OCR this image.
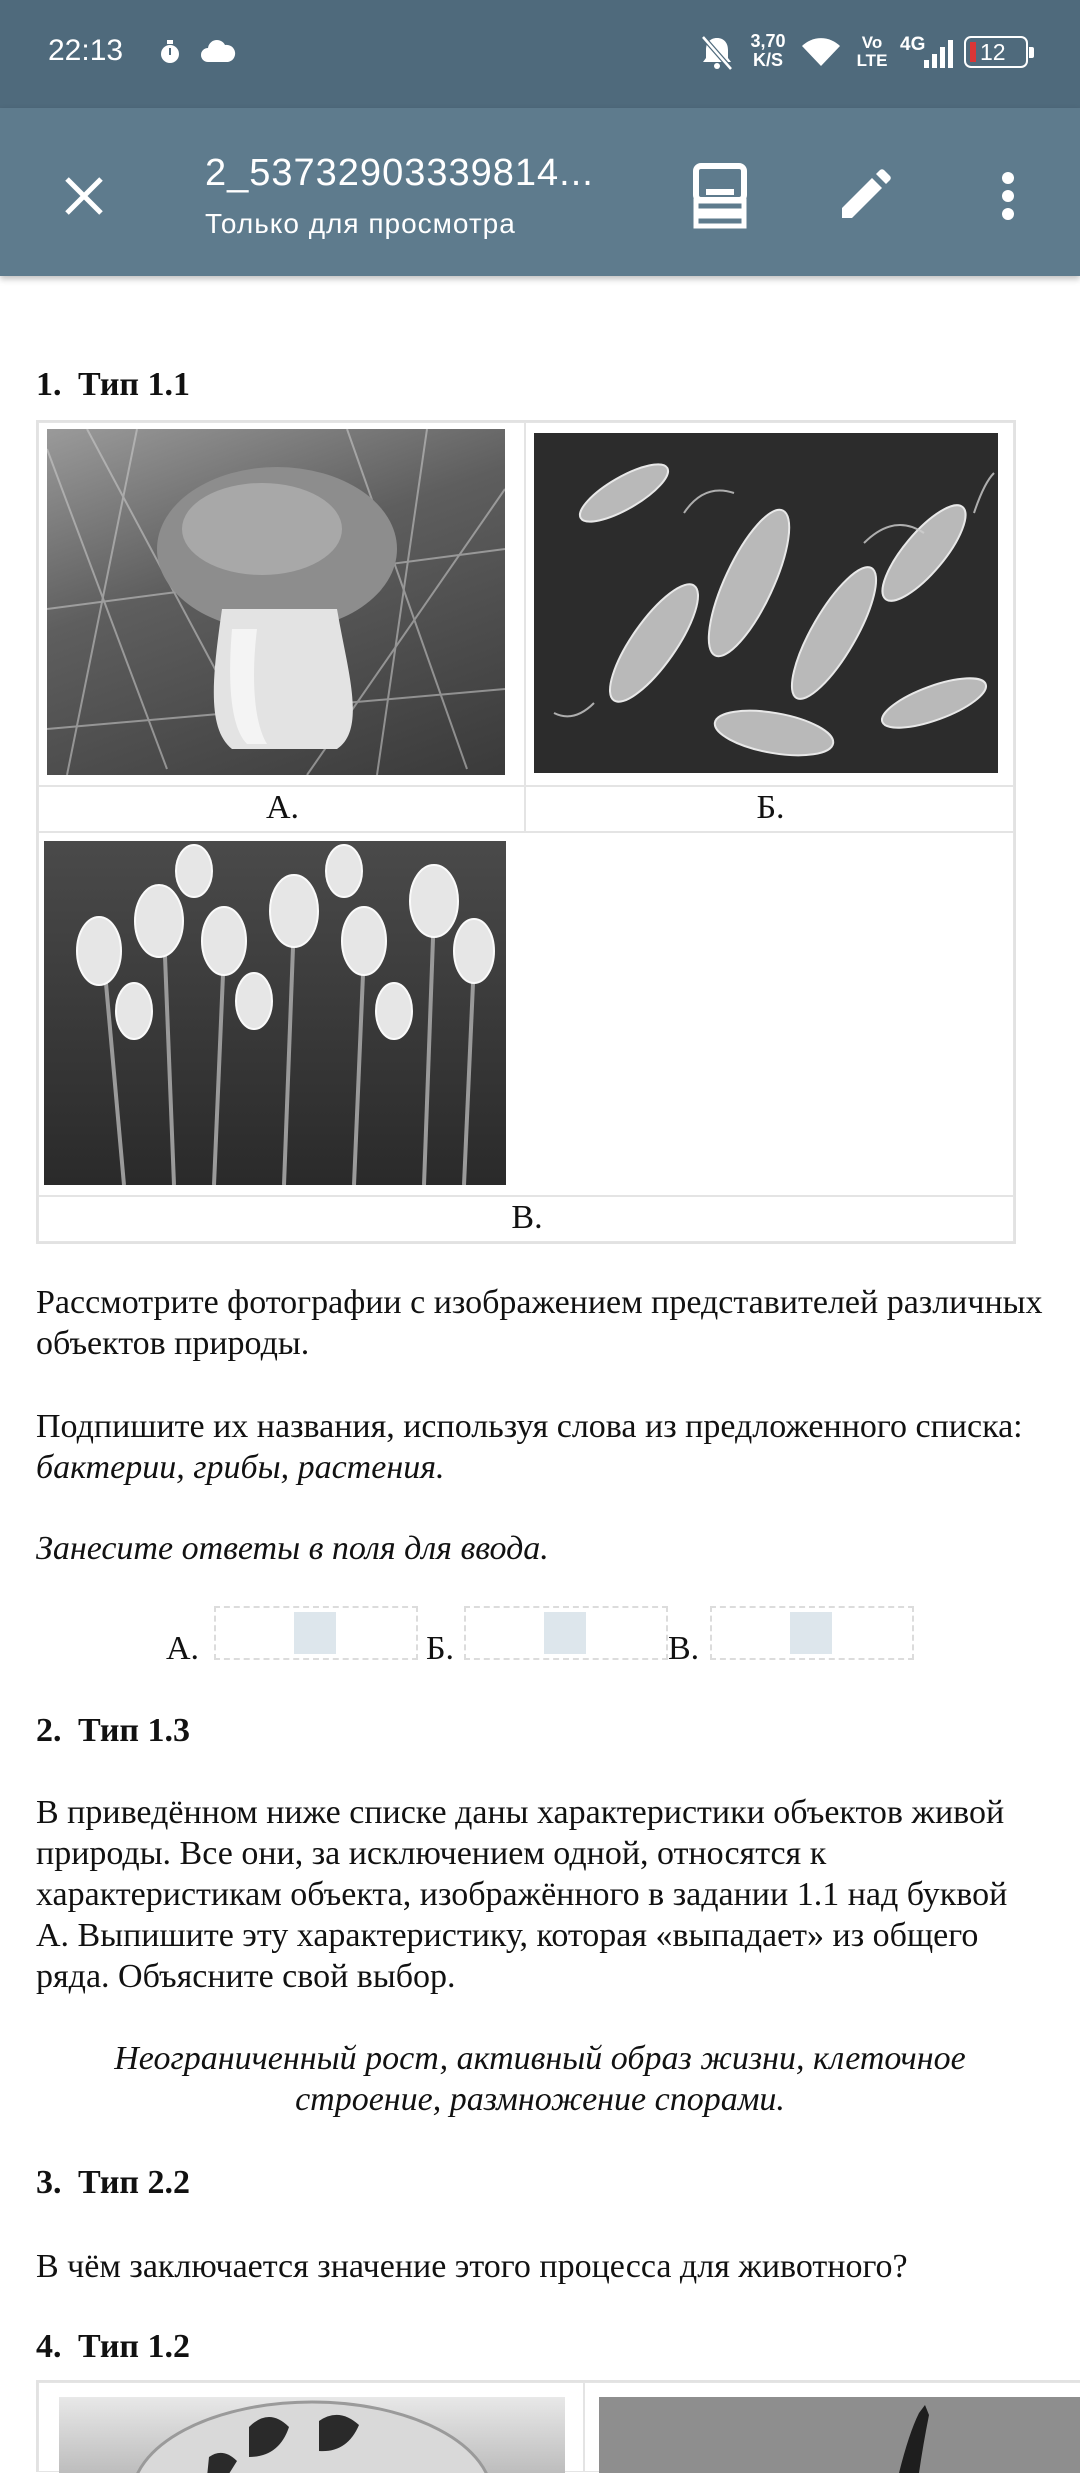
22:13	3,70
K/S
Vo
LTE
4G 12
2_53732903339814...
Только для просмотра
1. Тип 1.1
А.	Б.
В.
Рассмотрите фотографии с изображением представителей различных объектов природы.
Подпишите их названия, используя слова из предложенного списка: бактерии, грибы, растения.
Занесите ответы в поля для ввода.
А.	Б.	В.
2. Тип 1.3
В приведённом ниже списке даны характеристики объектов живой природы. Все они, за исключением одной, относятся к характеристикам объекта, изображённого в задании 1.1 над буквой А. Выпишите эту характеристику, которая «выпадает» из общего ряда. Объясните свой выбор.
Неограниченный рост, активный образ жизни, клеточное строение, размножение спорами.
3. Тип 2.2
В чём заключается значение этого процесса для животного?
4. Тип 1.2
